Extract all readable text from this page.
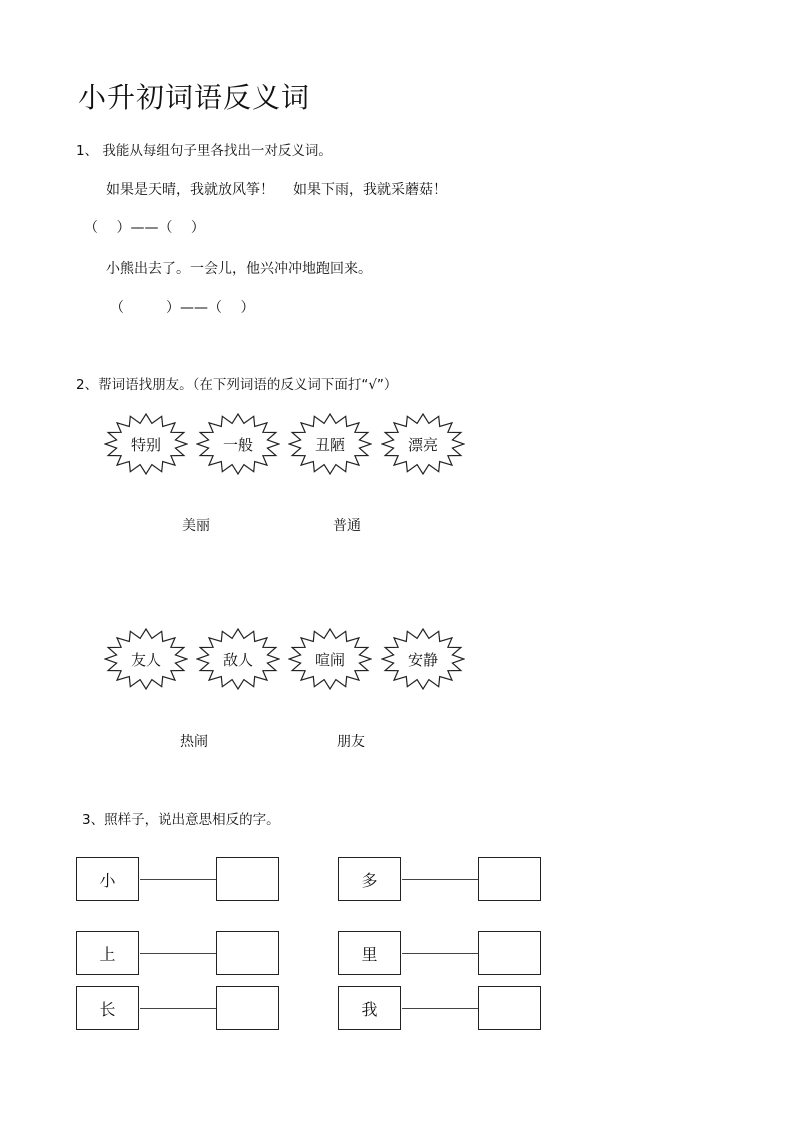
小升初词语反义词
1、 我能从每组句子里各找出一对反义词。
如果是天晴，我就放风筝！ 如果下雨，我就采蘑菇！
（　 ）——（　 ）
小熊出去了。一会儿，他兴冲冲地跑回来。
（　　　）——（　 ）
2、帮词语找朋友。（在下列词语的反义词下面打“√”）
特别	一般	丑陋	漂亮
美丽	普通
友人	敌人	喧闹	安静
热闹	朋友
3、照样子，说出意思相反的字。
小	多
上	里
长	我
